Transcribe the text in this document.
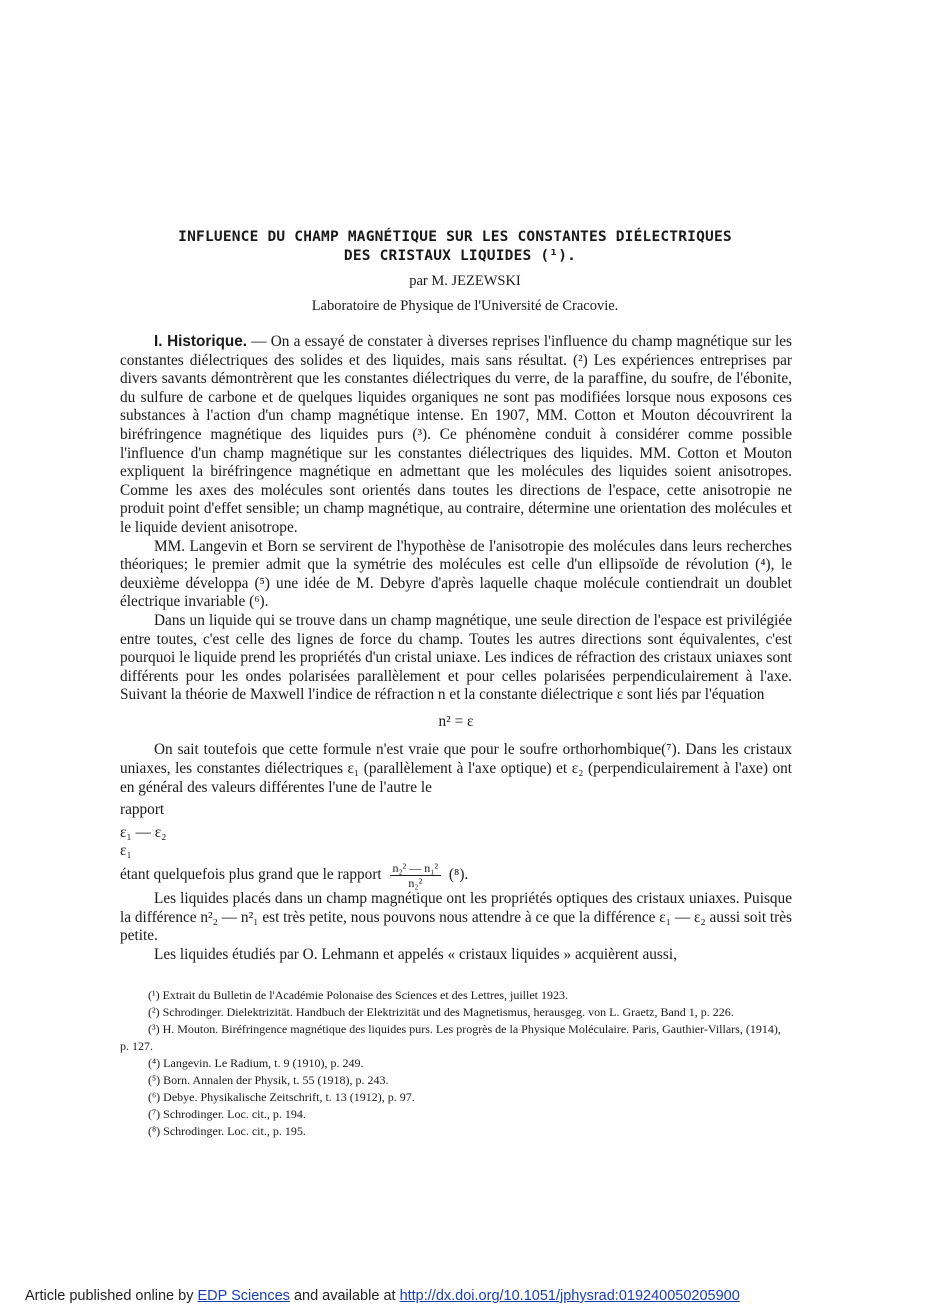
INFLUENCE DU CHAMP MAGNÉTIQUE SUR LES CONSTANTES DIÉLECTRIQUES
DES CRISTAUX LIQUIDES (¹).
par M. JEZEWSKI
Laboratoire de Physique de l'Université de Cracovie.

I. Historique. — On a essayé de constater à diverses reprises l'influence du champ magnétique sur les constantes diélectriques des solides et des liquides, mais sans résultat. (²) Les expériences entreprises par divers savants démontrèrent que les constantes diélectriques du verre, de la paraffine, du soufre, de l'ébonite, du sulfure de carbone et de quelques liquides organiques ne sont pas modifiées lorsque nous exposons ces substances à l'action d'un champ magnétique intense. En 1907, MM. Cotton et Mouton découvrirent la biréfringence magnétique des liquides purs (³). Ce phénomène conduit à considérer comme possible l'influence d'un champ magnétique sur les constantes diélectriques des liquides. MM. Cotton et Mouton expliquent la biréfringence magnétique en admettant que les molécules des liquides soient anisotropes. Comme les axes des molécules sont orientés dans toutes les directions de l'espace, cette anisotropie ne produit point d'effet sensible; un champ magnétique, au contraire, détermine une orientation des molécules et le liquide devient anisotrope.

MM. Langevin et Born se servirent de l'hypothèse de l'anisotropie des molécules dans leurs recherches théoriques; le premier admit que la symétrie des molécules est celle d'un ellipsoïde de révolution (⁴), le deuxième développa (⁵) une idée de M. Debyre d'après laquelle chaque molécule contiendrait un doublet électrique invariable (⁶).

Dans un liquide qui se trouve dans un champ magnétique, une seule direction de l'espace est privilégiée entre toutes, c'est celle des lignes de force du champ. Toutes les autres directions sont équivalentes, c'est pourquoi le liquide prend les propriétés d'un cristal uniaxe. Les indices de réfraction des cristaux uniaxes sont différents pour les ondes polarisées parallèlement et pour celles polarisées perpendiculairement à l'axe. Suivant la théorie de Maxwell l'indice de réfraction n et la constante diélectrique ε sont liés par l'équation

n² = ε

On sait toutefois que cette formule n'est vraie que pour le soufre orthorhombique(⁷). Dans les cristaux uniaxes, les constantes diélectriques ε₁ (parallèlement à l'axe optique) et ε₂ (perpendiculairement à l'axe) ont en général des valeurs différentes l'une de l'autre le

rapport

ε₁ — ε₂
ε₁
étant quelquefois plus grand que le rapport $\frac{\text{n₂² — n₁²}}{\text{n₂²}} (^8)$.

Les liquides placés dans un champ magnétique ont les propriétés optiques des cristaux uniaxes. Puisque la différence n²₂ — n²₁ est très petite, nous pouvons nous attendre à ce que la différence ε₁ — ε₂ aussi soit très petite.

Les liquides étudiés par O. Lehmann et appelés « cristaux liquides » acquièrent aussi,

(¹) Extrait du Bulletin de l'Académie Polonaise des Sciences et des Lettres, juillet 1923.
(²) Schrodinger. Dielektrizität. Handbuch der Elektrizität und des Magnetismus, herausgeg. von L. Graetz, Band 1, p. 226.
(³) H. Mouton. Biréfringence magnétique des liquides purs. Les progrès de la Physique Moléculaire. Paris, Gauthier-Villars, (1914), p. 127.
(⁴) Langevin. Le Radium, t. 9 (1910), p. 249.
(⁵) Born. Annalen der Physik, t. 55 (1918), p. 243.
(⁶) Debye. Physikalische Zeitschrift, t. 13 (1912), p. 97.
(⁷) Schrodinger. Loc. cit., p. 194.
(⁸) Schrodinger. Loc. cit., p. 195.
Article published online by EDP Sciences and available at http://dx.doi.org/10.1051/jphysrad:019240050205900
